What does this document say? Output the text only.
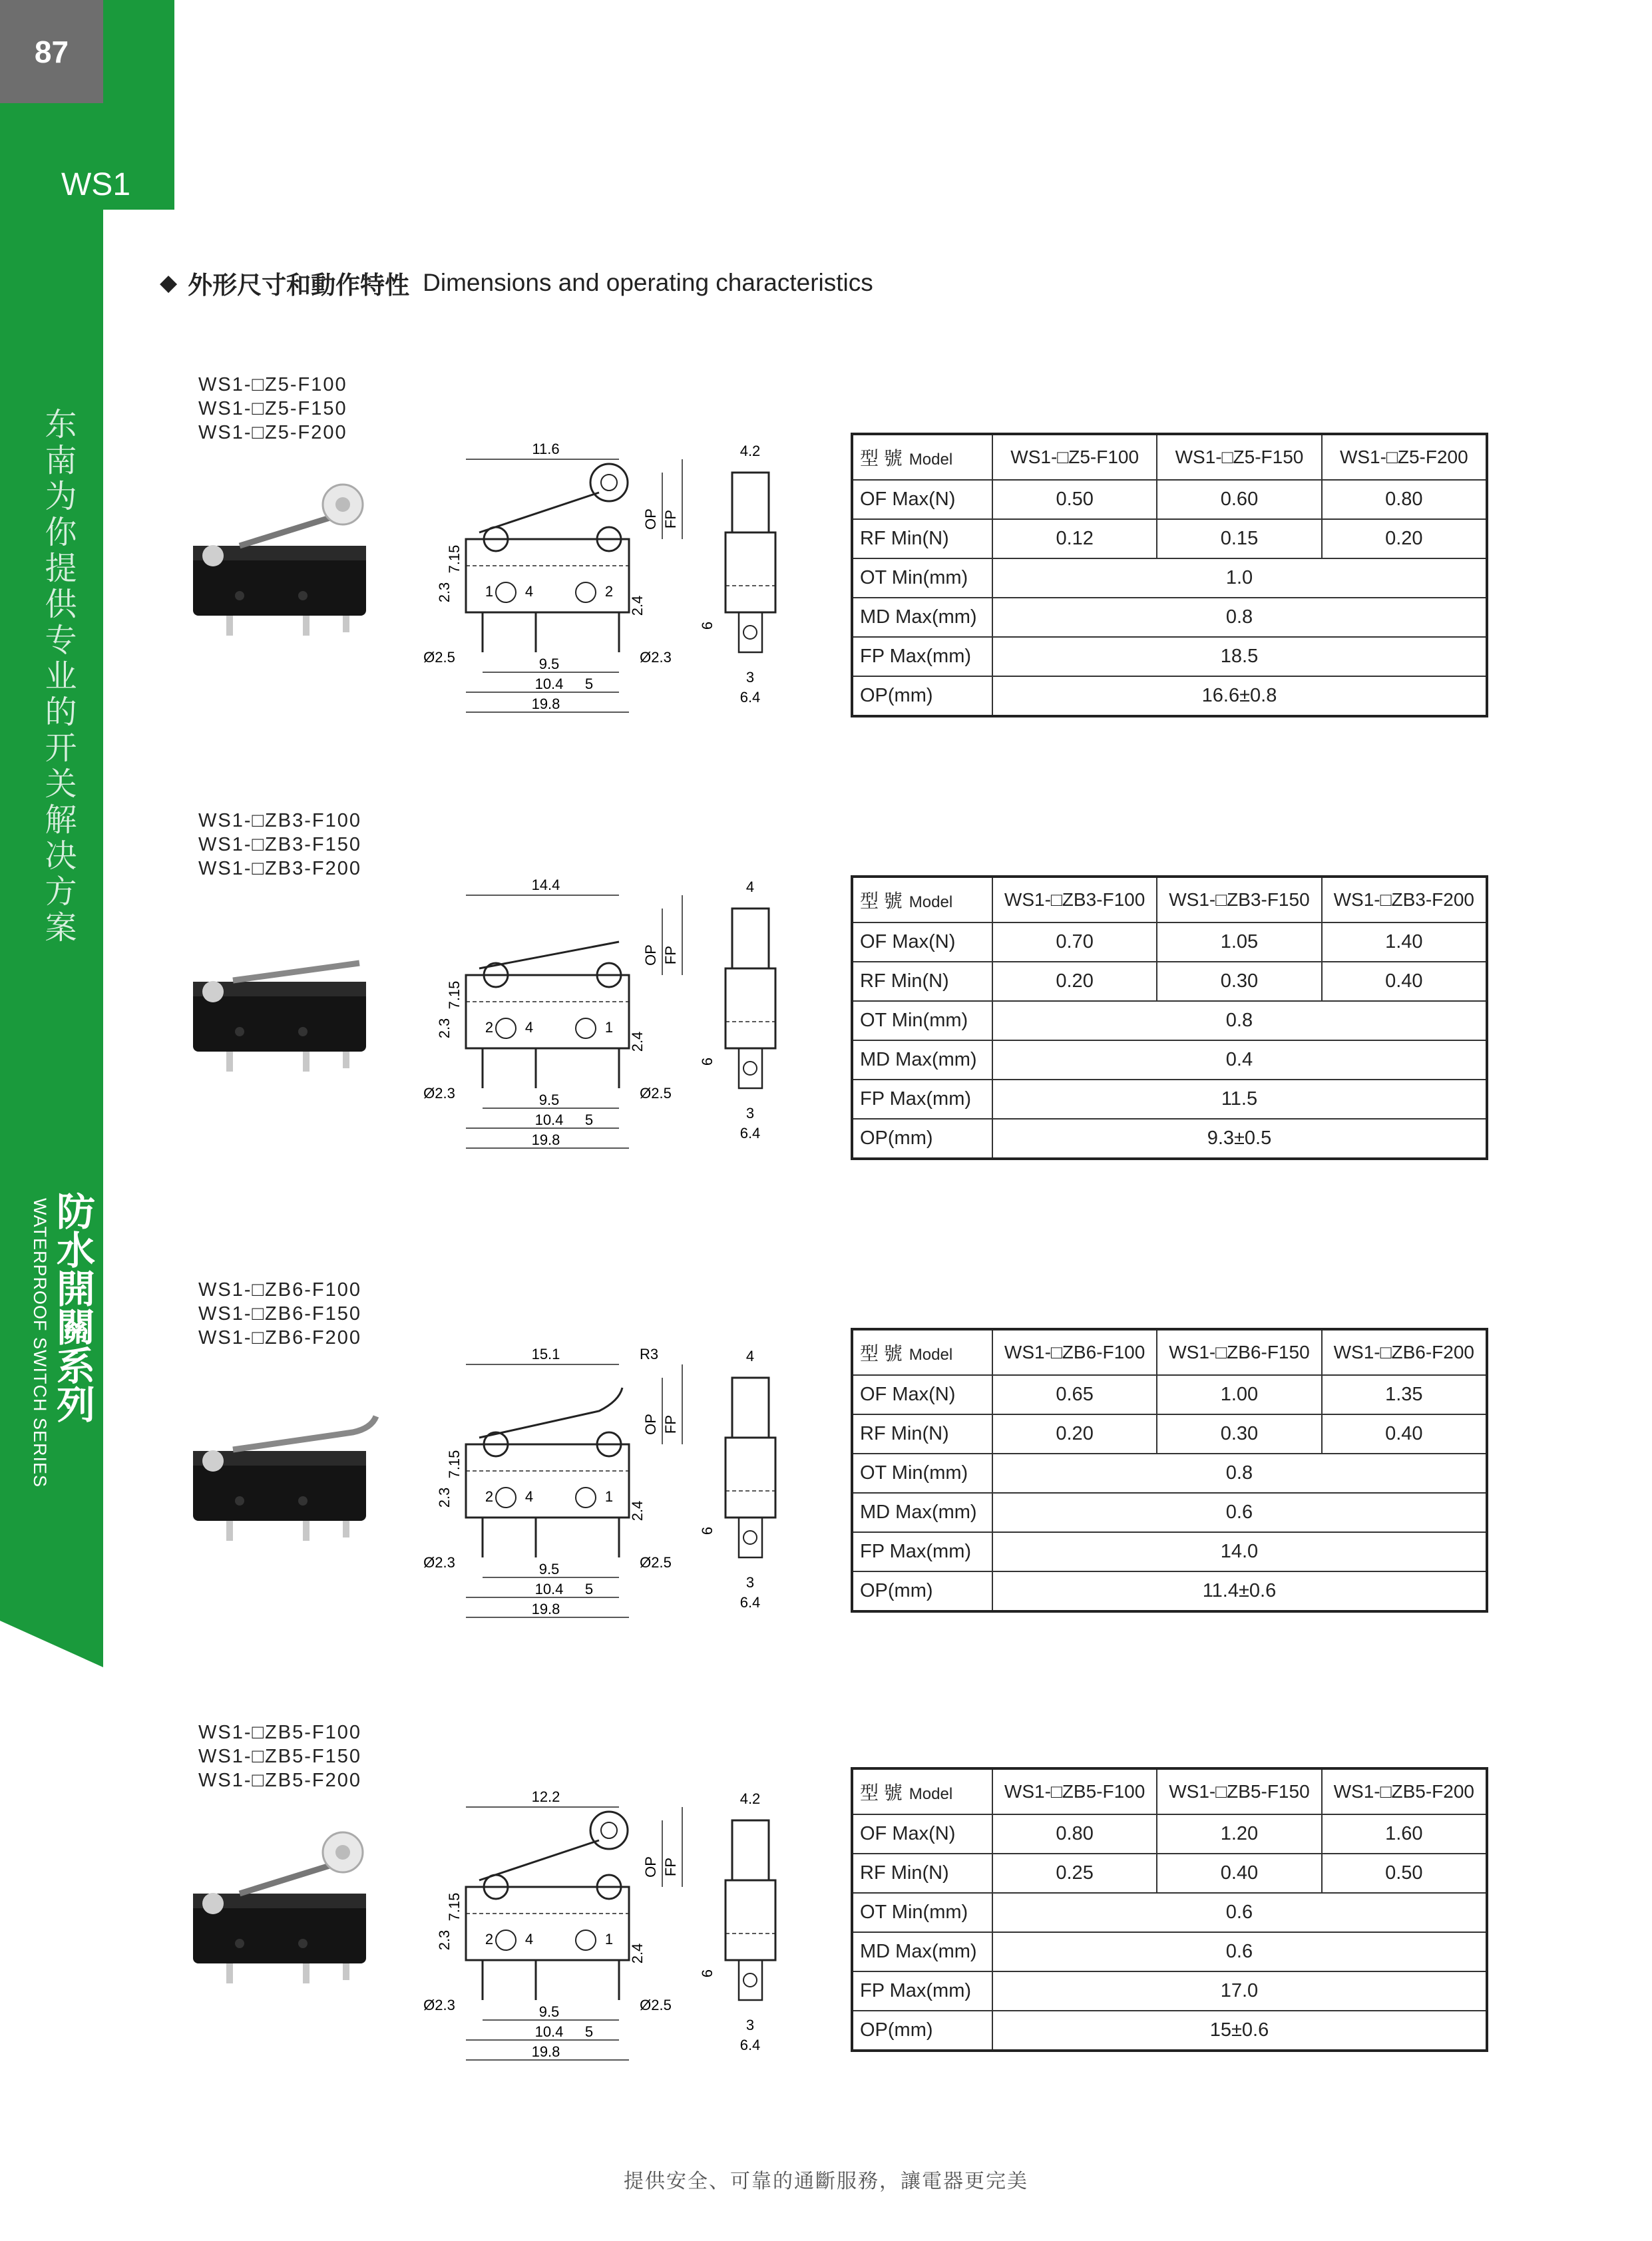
87
WS1
东南为你提供专业的开关解决方案
防水開關系列
WATERPROOF SWITCH SERIES
◆ 外形尺寸和動作特性 Dimensions and operating characteristics
WS1-□Z5-F100
WS1-□Z5-F150
WS1-□Z5-F200
11.6
1 4	2
2.3
7.15
2.4
Ø2.5	Ø2.3
9.5
10.4 5
19.8
OP FP
4.2
6
3
6.4
型 號 Model	WS1-□Z5-F100	WS1-□Z5-F150	WS1-□Z5-F200
OF Max(N)	0.50	0.60	0.80
RF Min(N)	0.12	0.15	0.20
OT Min(mm)	1.0		
MD Max(mm)	0.8		
FP Max(mm)	18.5		
OP(mm)	16.6±0.8		
WS1-□ZB3-F100
WS1-□ZB3-F150
WS1-□ZB3-F200
14.4
2 4	1
2.3
7.15
2.4
Ø2.3	Ø2.5
9.5
10.4 5
19.8
OP FP
4
6
3
6.4
型 號 Model	WS1-□ZB3-F100	WS1-□ZB3-F150	WS1-□ZB3-F200
OF Max(N)	0.70	1.05	1.40
RF Min(N)	0.20	0.30	0.40
OT Min(mm)	0.8		
MD Max(mm)	0.4		
FP Max(mm)	11.5		
OP(mm)	9.3±0.5		
WS1-□ZB6-F100
WS1-□ZB6-F150
WS1-□ZB6-F200
15.1	R3
2 4	1
2.3
7.15
2.4
Ø2.3	Ø2.5
9.5
10.4 5
19.8
OP FP
4
6
3
6.4
型 號 Model	WS1-□ZB6-F100	WS1-□ZB6-F150	WS1-□ZB6-F200
OF Max(N)	0.65	1.00	1.35
RF Min(N)	0.20	0.30	0.40
OT Min(mm)	0.8		
MD Max(mm)	0.6		
FP Max(mm)	14.0		
OP(mm)	11.4±0.6		
WS1-□ZB5-F100
WS1-□ZB5-F150
WS1-□ZB5-F200
12.2
2 4	1
2.3
7.15
2.4
Ø2.3	Ø2.5
9.5
10.4 5
19.8
OP FP
4.2
6
3
6.4
型 號 Model	WS1-□ZB5-F100	WS1-□ZB5-F150	WS1-□ZB5-F200
OF Max(N)	0.80	1.20	1.60
RF Min(N)	0.25	0.40	0.50
OT Min(mm)	0.6		
MD Max(mm)	0.6		
FP Max(mm)	17.0		
OP(mm)	15±0.6		
提供安全、可靠的通斷服務，讓電器更完美
